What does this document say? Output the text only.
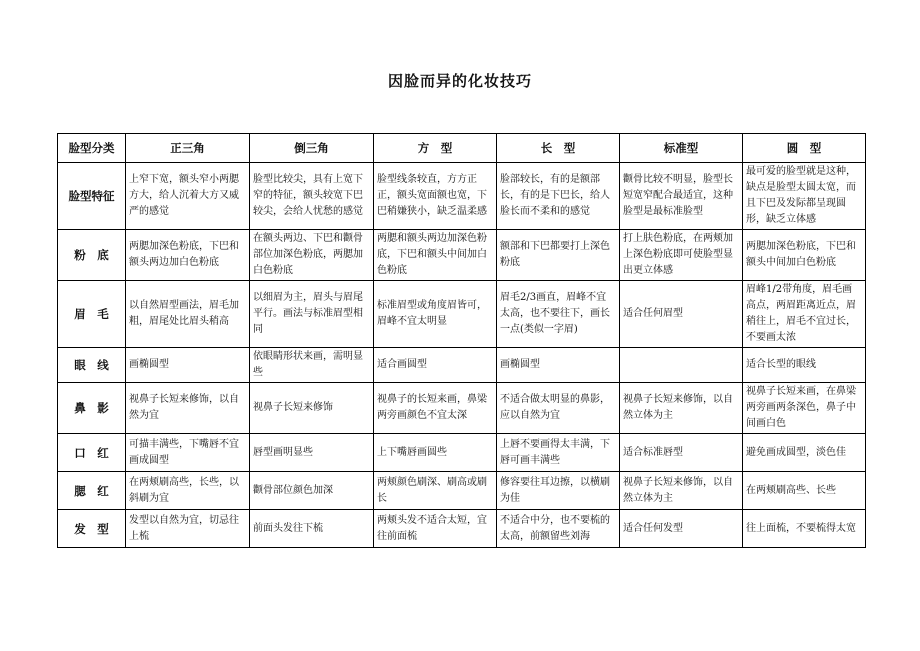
因脸而异的化妆技巧
脸型分类	正三角	倒三角	方　型	长　型	标准型	圆　型
脸型特征	上窄下宽，额头窄小两腮方大，给人沉着大方又威严的感觉	脸型比较尖，具有上宽下窄的特征，额头较宽下巴较尖，会给人忧愁的感觉	脸型线条较直，方方正正，额头宽面额也宽，下巴稍嫌狭小，缺乏温柔感	脸部较长，有的是额部长，有的是下巴长，给人脸长而不柔和的感觉	颧骨比较不明显，脸型长短宽窄配合最适宜，这种脸型是最标准脸型	最可爱的脸型就是这种，缺点是脸型太圆太宽，而且下巴及发际都呈现圆形，缺乏立体感
粉　底	两腮加深色粉底，下巴和额头两边加白色粉底	在额头两边、下巴和颧骨部位加深色粉底，两腮加白色粉底	两腮和额头两边加深色粉底，下巴和额头中间加白色粉底	额部和下巴都要打上深色粉底	打上肤色粉底，在两颊加上深色粉底即可使脸型显出更立体感	两腮加深色粉底，下巴和额头中间加白色粉底
眉　毛	以自然眉型画法，眉毛加粗，眉尾处比眉头稍高	以细眉为主，眉头与眉尾平行。画法与标准眉型相同	标准眉型或角度眉皆可，眉峰不宜太明显	眉毛2/3画直，眉峰不宜太高，也不要往下，画长一点(类似一字眉)	适合任何眉型	眉峰1/2带角度，眉毛画高点，两眉距离近点，眉稍往上，眉毛不宜过长，不要画太浓
眼　线	画椭圆型	依眼睛形状来画，需明显些	适合画圆型	画椭圆型		适合长型的眼线
鼻　影	视鼻子长短来修饰，以自然为宜	视鼻子长短来修饰	视鼻子的长短来画，鼻梁两旁画颜色不宜太深	不适合做太明显的鼻影，应以自然为宜	视鼻子长短来修饰，以自然立体为主	视鼻子长短来画，在鼻梁两旁画两条深色，鼻子中间画白色
口　红	可描丰满些，下嘴唇不宜画成圆型	唇型画明显些	上下嘴唇画圆些	上唇不要画得太丰满，下唇可画丰满些	适合标准唇型	避免画成圆型，淡色佳
腮　红	在两颊刷高些，长些，以斜刷为宜	颧骨部位颜色加深	两颊颜色刷深、刷高或刷长	修容要往耳边擦，以横刷为佳	视鼻子长短来修饰，以自然立体为主	在两颊刷高些、长些
发　型	发型以自然为宜，切忌往上梳	前面头发往下梳	两颊头发不适合太短，宜往前面梳	不适合中分，也不要梳的太高，前额留些刘海	适合任何发型	往上面梳，不要梳得太宽
